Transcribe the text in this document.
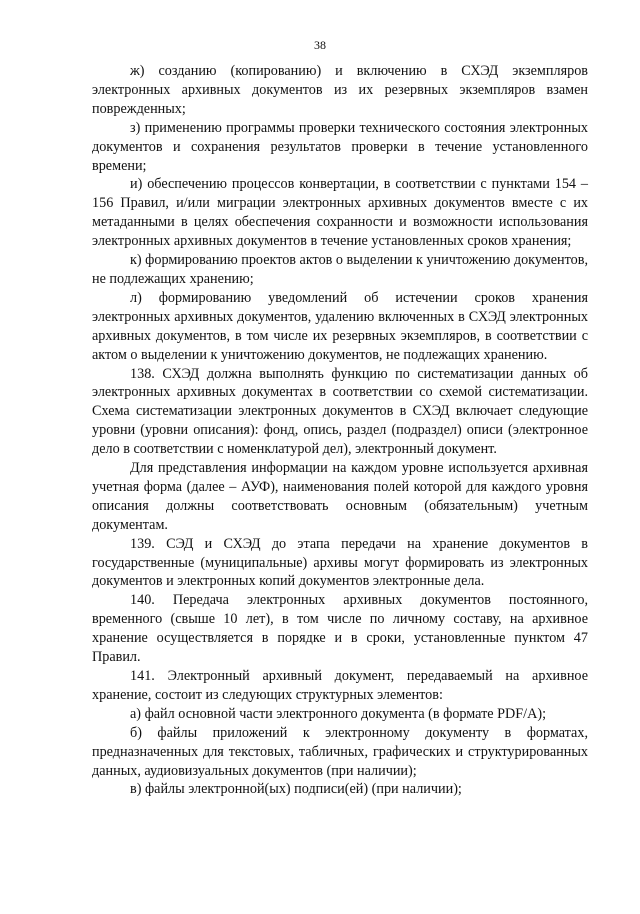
38

ж) созданию (копированию) и включению в СХЭД экземпляров электронных архивных документов из их резервных экземпляров взамен поврежденных;

з) применению программы проверки технического состояния электронных документов и сохранения результатов проверки в течение установленного времени;

и) обеспечению процессов конвертации, в соответствии с пунктами 154 – 156 Правил, и/или миграции электронных архивных документов вместе с их метаданными в целях обеспечения сохранности и возможности использования электронных архивных документов в течение установленных сроков хранения;

к) формированию проектов актов о выделении к уничтожению документов, не подлежащих хранению;

л) формированию уведомлений об истечении сроков хранения электронных архивных документов, удалению включенных в СХЭД электронных архивных документов, в том числе их резервных экземпляров, в соответствии с актом о выделении к уничтожению документов, не подлежащих хранению.

138. СХЭД должна выполнять функцию по систематизации данных об электронных архивных документах в соответствии со схемой систематизации. Схема систематизации электронных документов в СХЭД включает следующие уровни (уровни описания): фонд, опись, раздел (подраздел) описи (электронное дело в соответствии с номенклатурой дел), электронный документ.

Для представления информации на каждом уровне используется архивная учетная форма (далее – АУФ), наименования полей которой для каждого уровня описания должны соответствовать основным (обязательным) учетным документам.

139. СЭД и СХЭД до этапа передачи на хранение документов в государственные (муниципальные) архивы могут формировать из электронных документов и электронных копий документов электронные дела.

140. Передача электронных архивных документов постоянного, временного (свыше 10 лет), в том числе по личному составу, на архивное хранение осуществляется в порядке и в сроки, установленные пунктом 47 Правил.

141. Электронный архивный документ, передаваемый на архивное хранение, состоит из следующих структурных элементов:

а) файл основной части электронного документа (в формате PDF/A);

б) файлы приложений к электронному документу в форматах, предназначенных для текстовых, табличных, графических и структурированных данных, аудиовизуальных документов (при наличии);

в) файлы электронной(ых) подписи(ей) (при наличии);
